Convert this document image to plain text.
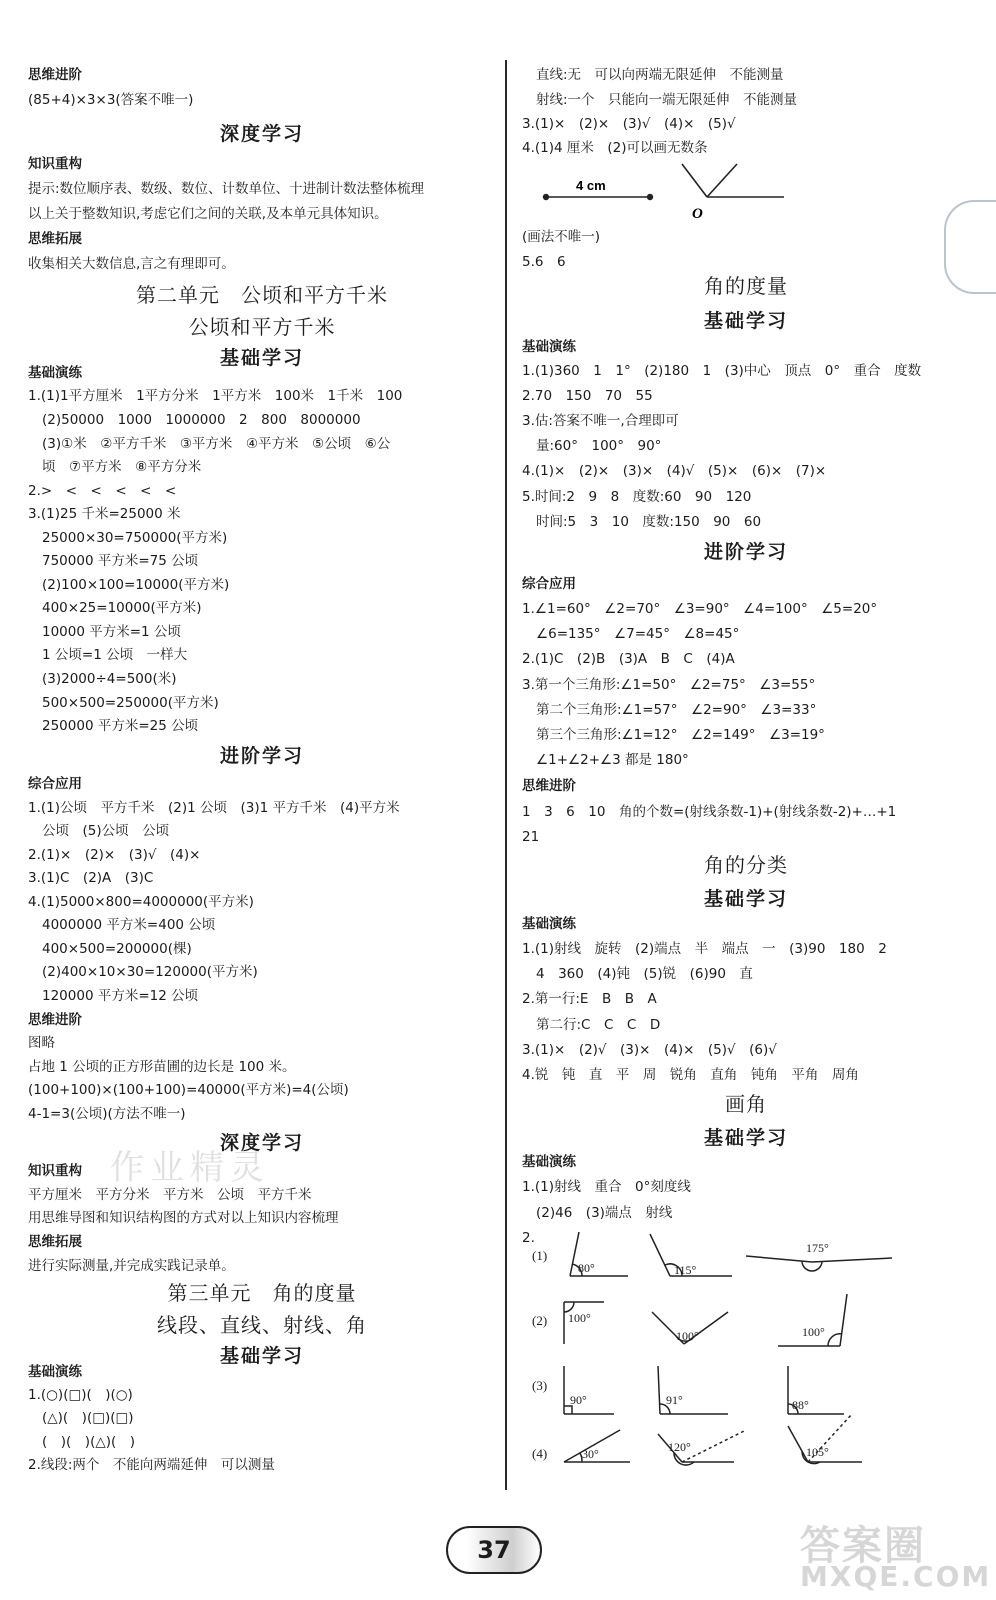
思维进阶
(85+4)×3×3(答案不唯一)
深度学习
知识重构
提示:数位顺序表、数级、数位、计数单位、十进制计数法整体梳理
以上关于整数知识,考虑它们之间的关联,及本单元具体知识。
思维拓展
收集相关大数信息,言之有理即可。
第二单元　公顷和平方千米
公顷和平方千米
基础学习
基础演练
1.(1)1平方厘米　1平方分米　1平方米　100米　1千米　100
(2)50000　1000　1000000　2　800　8000000
(3)①米　②平方千米　③平方米　④平方米　⑤公顷　⑥公
顷　⑦平方米　⑧平方分米
2.>　<　<　<　<　<
3.(1)25 千米=25000 米
25000×30=750000(平方米)
750000 平方米=75 公顷
(2)100×100=10000(平方米)
400×25=10000(平方米)
10000 平方米=1 公顷
1 公顷=1 公顷　一样大
(3)2000÷4=500(米)
500×500=250000(平方米)
250000 平方米=25 公顷
进阶学习
综合应用
1.(1)公顷　平方千米　(2)1 公顷　(3)1 平方千米　(4)平方米
公顷　(5)公顷　公顷
2.(1)×　(2)×　(3)√　(4)×
3.(1)C　(2)A　(3)C
4.(1)5000×800=4000000(平方米)
4000000 平方米=400 公顷
400×500=200000(棵)
(2)400×10×30=120000(平方米)
120000 平方米=12 公顷
思维进阶
图略
占地 1 公顷的正方形苗圃的边长是 100 米。
(100+100)×(100+100)=40000(平方米)=4(公顷)
4-1=3(公顷)(方法不唯一)
深度学习
知识重构
平方厘米　平方分米　平方米　公顷　平方千米
用思维导图和知识结构图的方式对以上知识内容梳理
思维拓展
进行实际测量,并完成实践记录单。
第三单元　角的度量
线段、直线、射线、角
基础学习
基础演练
1.(○)(□)(　)(○)
(△)(　)(□)(□)
(　)(　)(△)(　)
2.线段:两个　不能向两端延伸　可以测量
直线:无　可以向两端无限延伸　不能测量
射线:一个　只能向一端无限延伸　不能测量
3.(1)×　(2)×　(3)√　(4)×　(5)√
4.(1)4 厘米　(2)可以画无数条
4 cm
O
(画法不唯一)
5.6　6
角的度量
基础学习
基础演练
1.(1)360　1　1°　(2)180　1　(3)中心　顶点　0°　重合　度数
2.70　150　70　55
3.估:答案不唯一,合理即可
量:60°　100°　90°
4.(1)×　(2)×　(3)×　(4)√　(5)×　(6)×　(7)×
5.时间:2　9　8　度数:60　90　120
时间:5　3　10　度数:150　90　60
进阶学习
综合应用
1.∠1=60°　∠2=70°　∠3=90°　∠4=100°　∠5=20°
∠6=135°　∠7=45°　∠8=45°
2.(1)C　(2)B　(3)A　B　C　(4)A
3.第一个三角形:∠1=50°　∠2=75°　∠3=55°
第二个三角形:∠1=57°　∠2=90°　∠3=33°
第三个三角形:∠1=12°　∠2=149°　∠3=19°
∠1+∠2+∠3 都是 180°
思维进阶
1　3　6　10　角的个数=(射线条数-1)+(射线条数-2)+…+1
21
角的分类
基础学习
基础演练
1.(1)射线　旋转　(2)端点　半　端点　一　(3)90　180　2
4　360　(4)钝　(5)锐　(6)90　直
2.第一行:E　B　B　A
第二行:C　C　C　D
3.(1)×　(2)√　(3)×　(4)×　(5)√　(6)√
4.锐　钝　直　平　周　锐角　直角　钝角　平角　周角
画角
基础学习
基础演练
1.(1)射线　重合　0°刻度线
(2)46　(3)端点　射线
2.
(1)
(2)
(3)
(4)
80°	115°
175°
100°
100°	100°
90°	91°	88°
30°	120°	105°
作业精灵
37	答案圈
MXQE.COM
